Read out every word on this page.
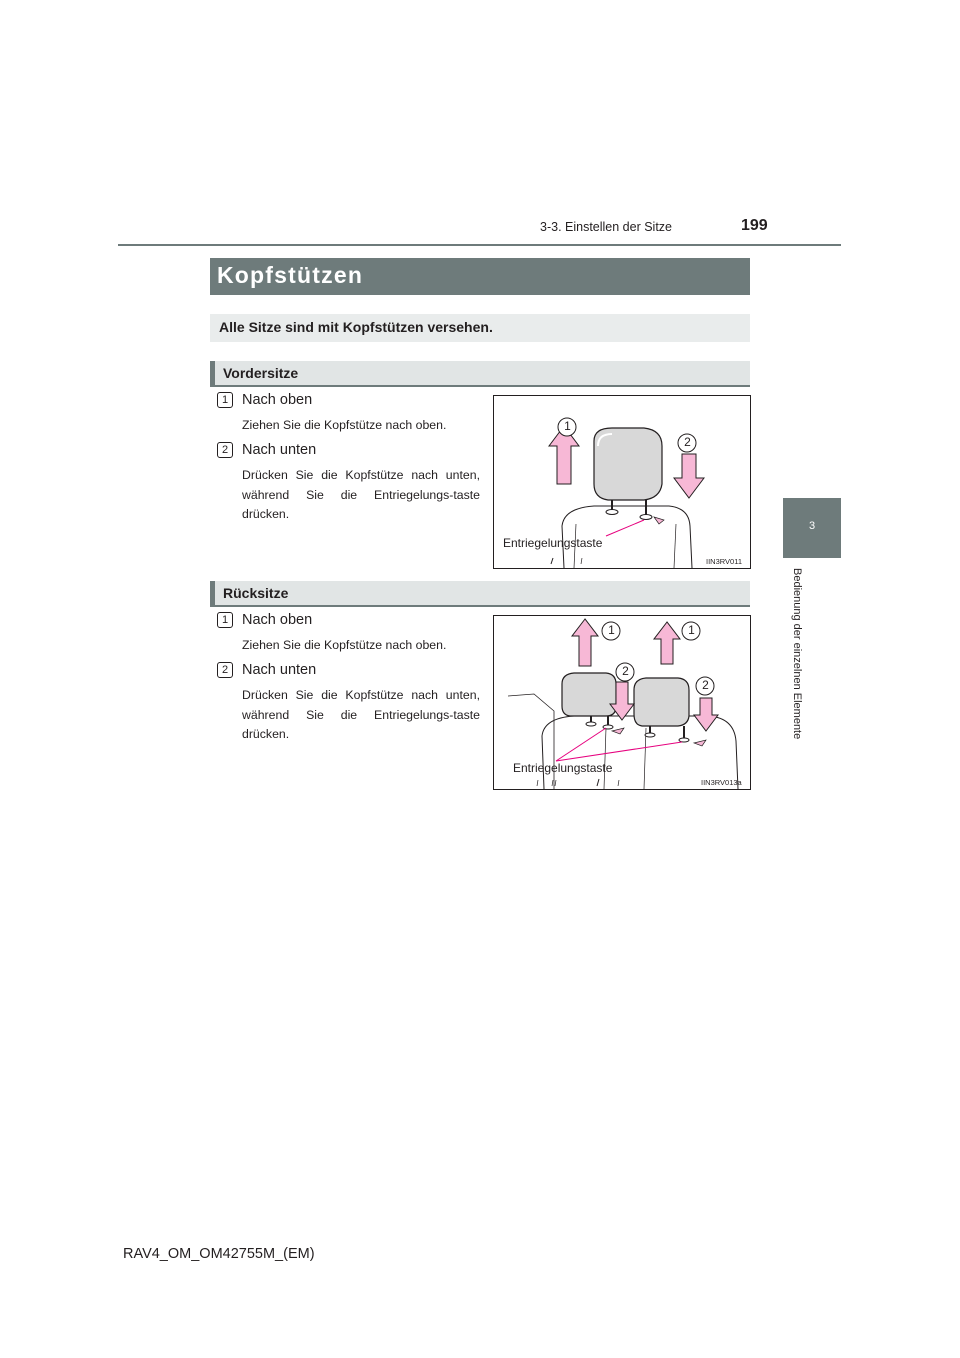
3-3. Einstellen der Sitze	199
3
Bedienung der einzelnen Elemente
Kopfstützen
Alle Sitze sind mit Kopfstützen versehen.
Vordersitze
1 Nach oben
Ziehen Sie die Kopfstütze nach oben.
2 Nach unten
Drücken Sie die Kopfstütze nach unten, während Sie die Entriegelungs-taste drücken.
1
2
Entriegelungstaste
IIN3RV011
Rücksitze
1 Nach oben
Ziehen Sie die Kopfstütze nach oben.
2 Nach unten
Drücken Sie die Kopfstütze nach unten, während Sie die Entriegelungs-taste drücken.
1	1
2
2
Entriegelungstaste
IIN3RV013a
RAV4_OM_OM42755M_(EM)
